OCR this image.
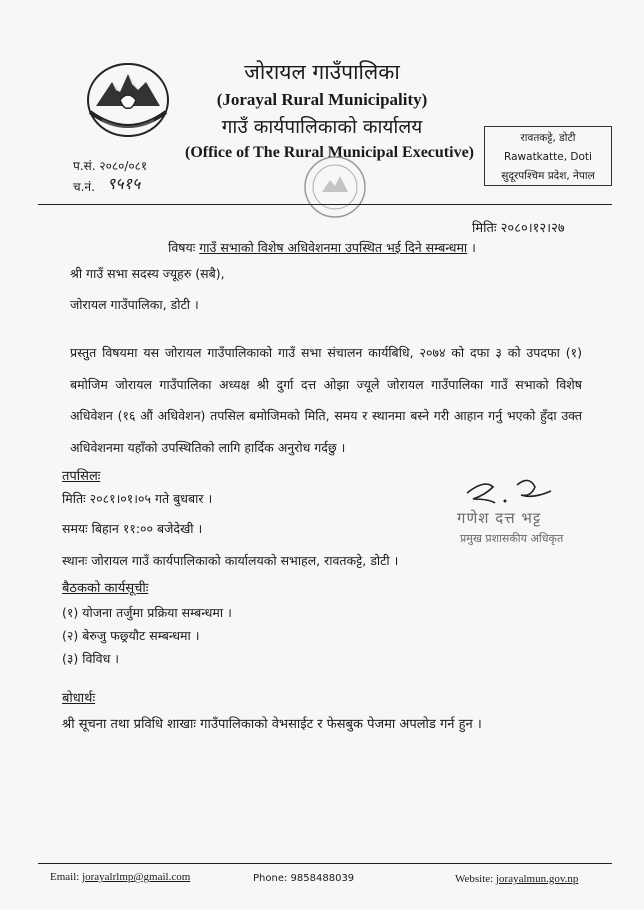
जोरायल गाउँपालिका
(Jorayal Rural Municipality)
गाउँ कार्यपालिकाको कार्यालय
(Office of The Rural Municipal Executive)
रावतकट्टे, डोटी
Rawatkatte, Doti
सुदूरपश्चिम प्रदेश, नेपाल
प.सं. २०८०/०८१
च.नं. ९५१५
मितिः २०८०।१२।२७
विषयः गाउँ सभाको विशेष अधिवेशनमा उपस्थित भई दिने सम्बन्धमा ।
श्री गाउँ सभा सदस्य ज्यूहरु (सबै),
जोरायल गाउँपालिका, डोटी ।
प्रस्तुत विषयमा यस जोरायल गाउँपालिकाको गाउँ सभा संचालन कार्यबिधि, २०७४ को दफा ३ को उपदफा (१) बमोजिम जोरायल गाउँपालिका अध्यक्ष श्री दुर्गा दत्त ओझा ज्यूले जोरायल गाउँपालिका गाउँ सभाको विशेष अधिवेशन (१६ औं अधिवेशन) तपसिल बमोजिमको मिति, समय र स्थानमा बस्ने गरी आहान गर्नु भएको हुँदा उक्त अधिवेशनमा यहाँको उपस्थितिको लागि हार्दिक अनुरोध गर्दछु ।
तपसिलः
मितिः २०८१।०१।०५ गते बुधबार ।
समयः बिहान ११:०० बजेदेखी ।
स्थानः जोरायल गाउँ कार्यपालिकाको कार्यालयको सभाहल, रावतकट्टे, डोटी ।
गणेश दत्त भट्ट
प्रमुख प्रशासकीय अधिकृत
बैठकको कार्यसूचीः
(१) योजना तर्जुमा प्रक्रिया सम्बन्धमा ।
(२) बेरुजु फछ्र्यौट सम्बन्धमा ।
(३) विविध ।
बोधार्थः
श्री सूचना तथा प्रविधि शाखाः गाउँपालिकाको वेभसाईट र फेसबुक पेजमा अपलोड गर्न हुन ।
Email: jorayalrlmp@gmail.com	Phone: 9858488039	Website: jorayalmun.gov.np
